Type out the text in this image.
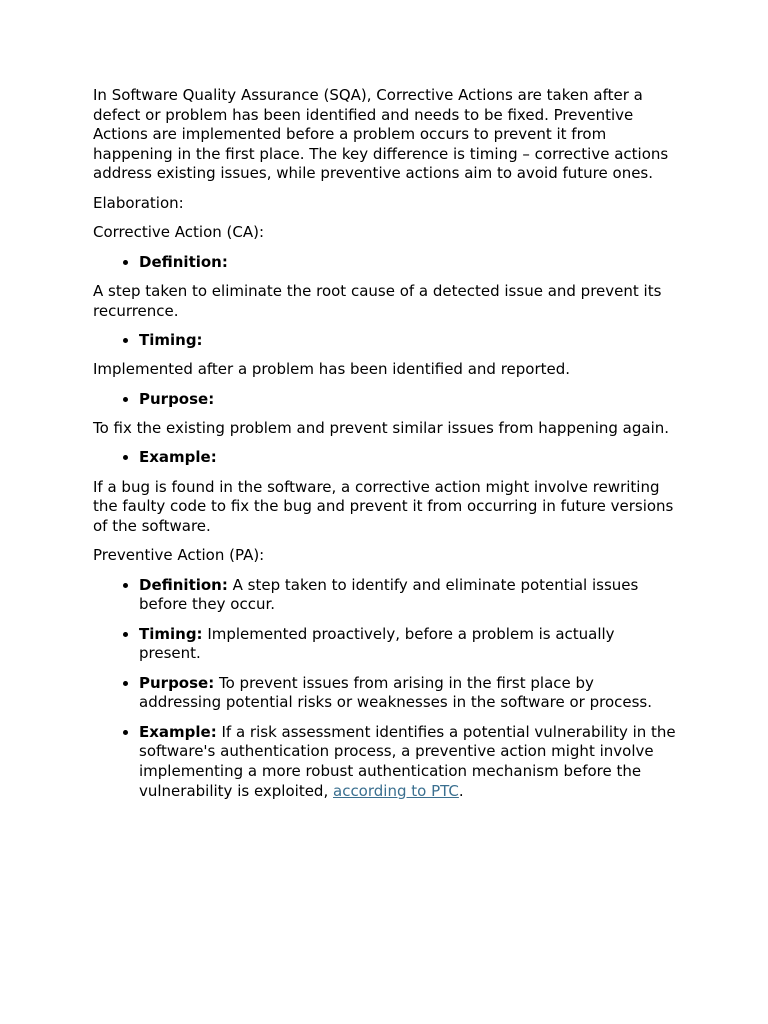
In Software Quality Assurance (SQA), Corrective Actions are taken after a defect or problem has been identified and needs to be fixed. Preventive Actions are implemented before a problem occurs to prevent it from happening in the first place. The key difference is timing – corrective actions address existing issues, while preventive actions aim to avoid future ones.

Elaboration:

Corrective Action (CA):

• Definition:

A step taken to eliminate the root cause of a detected issue and prevent its recurrence.

• Timing:

Implemented after a problem has been identified and reported.

• Purpose:

To fix the existing problem and prevent similar issues from happening again.

• Example:

If a bug is found in the software, a corrective action might involve rewriting the faulty code to fix the bug and prevent it from occurring in future versions of the software.

Preventive Action (PA):

• Definition: A step taken to identify and eliminate potential issues before they occur.
• Timing: Implemented proactively, before a problem is actually present.
• Purpose: To prevent issues from arising in the first place by addressing potential risks or weaknesses in the software or process.
• Example: If a risk assessment identifies a potential vulnerability in the software's authentication process, a preventive action might involve implementing a more robust authentication mechanism before the vulnerability is exploited, according to PTC.
